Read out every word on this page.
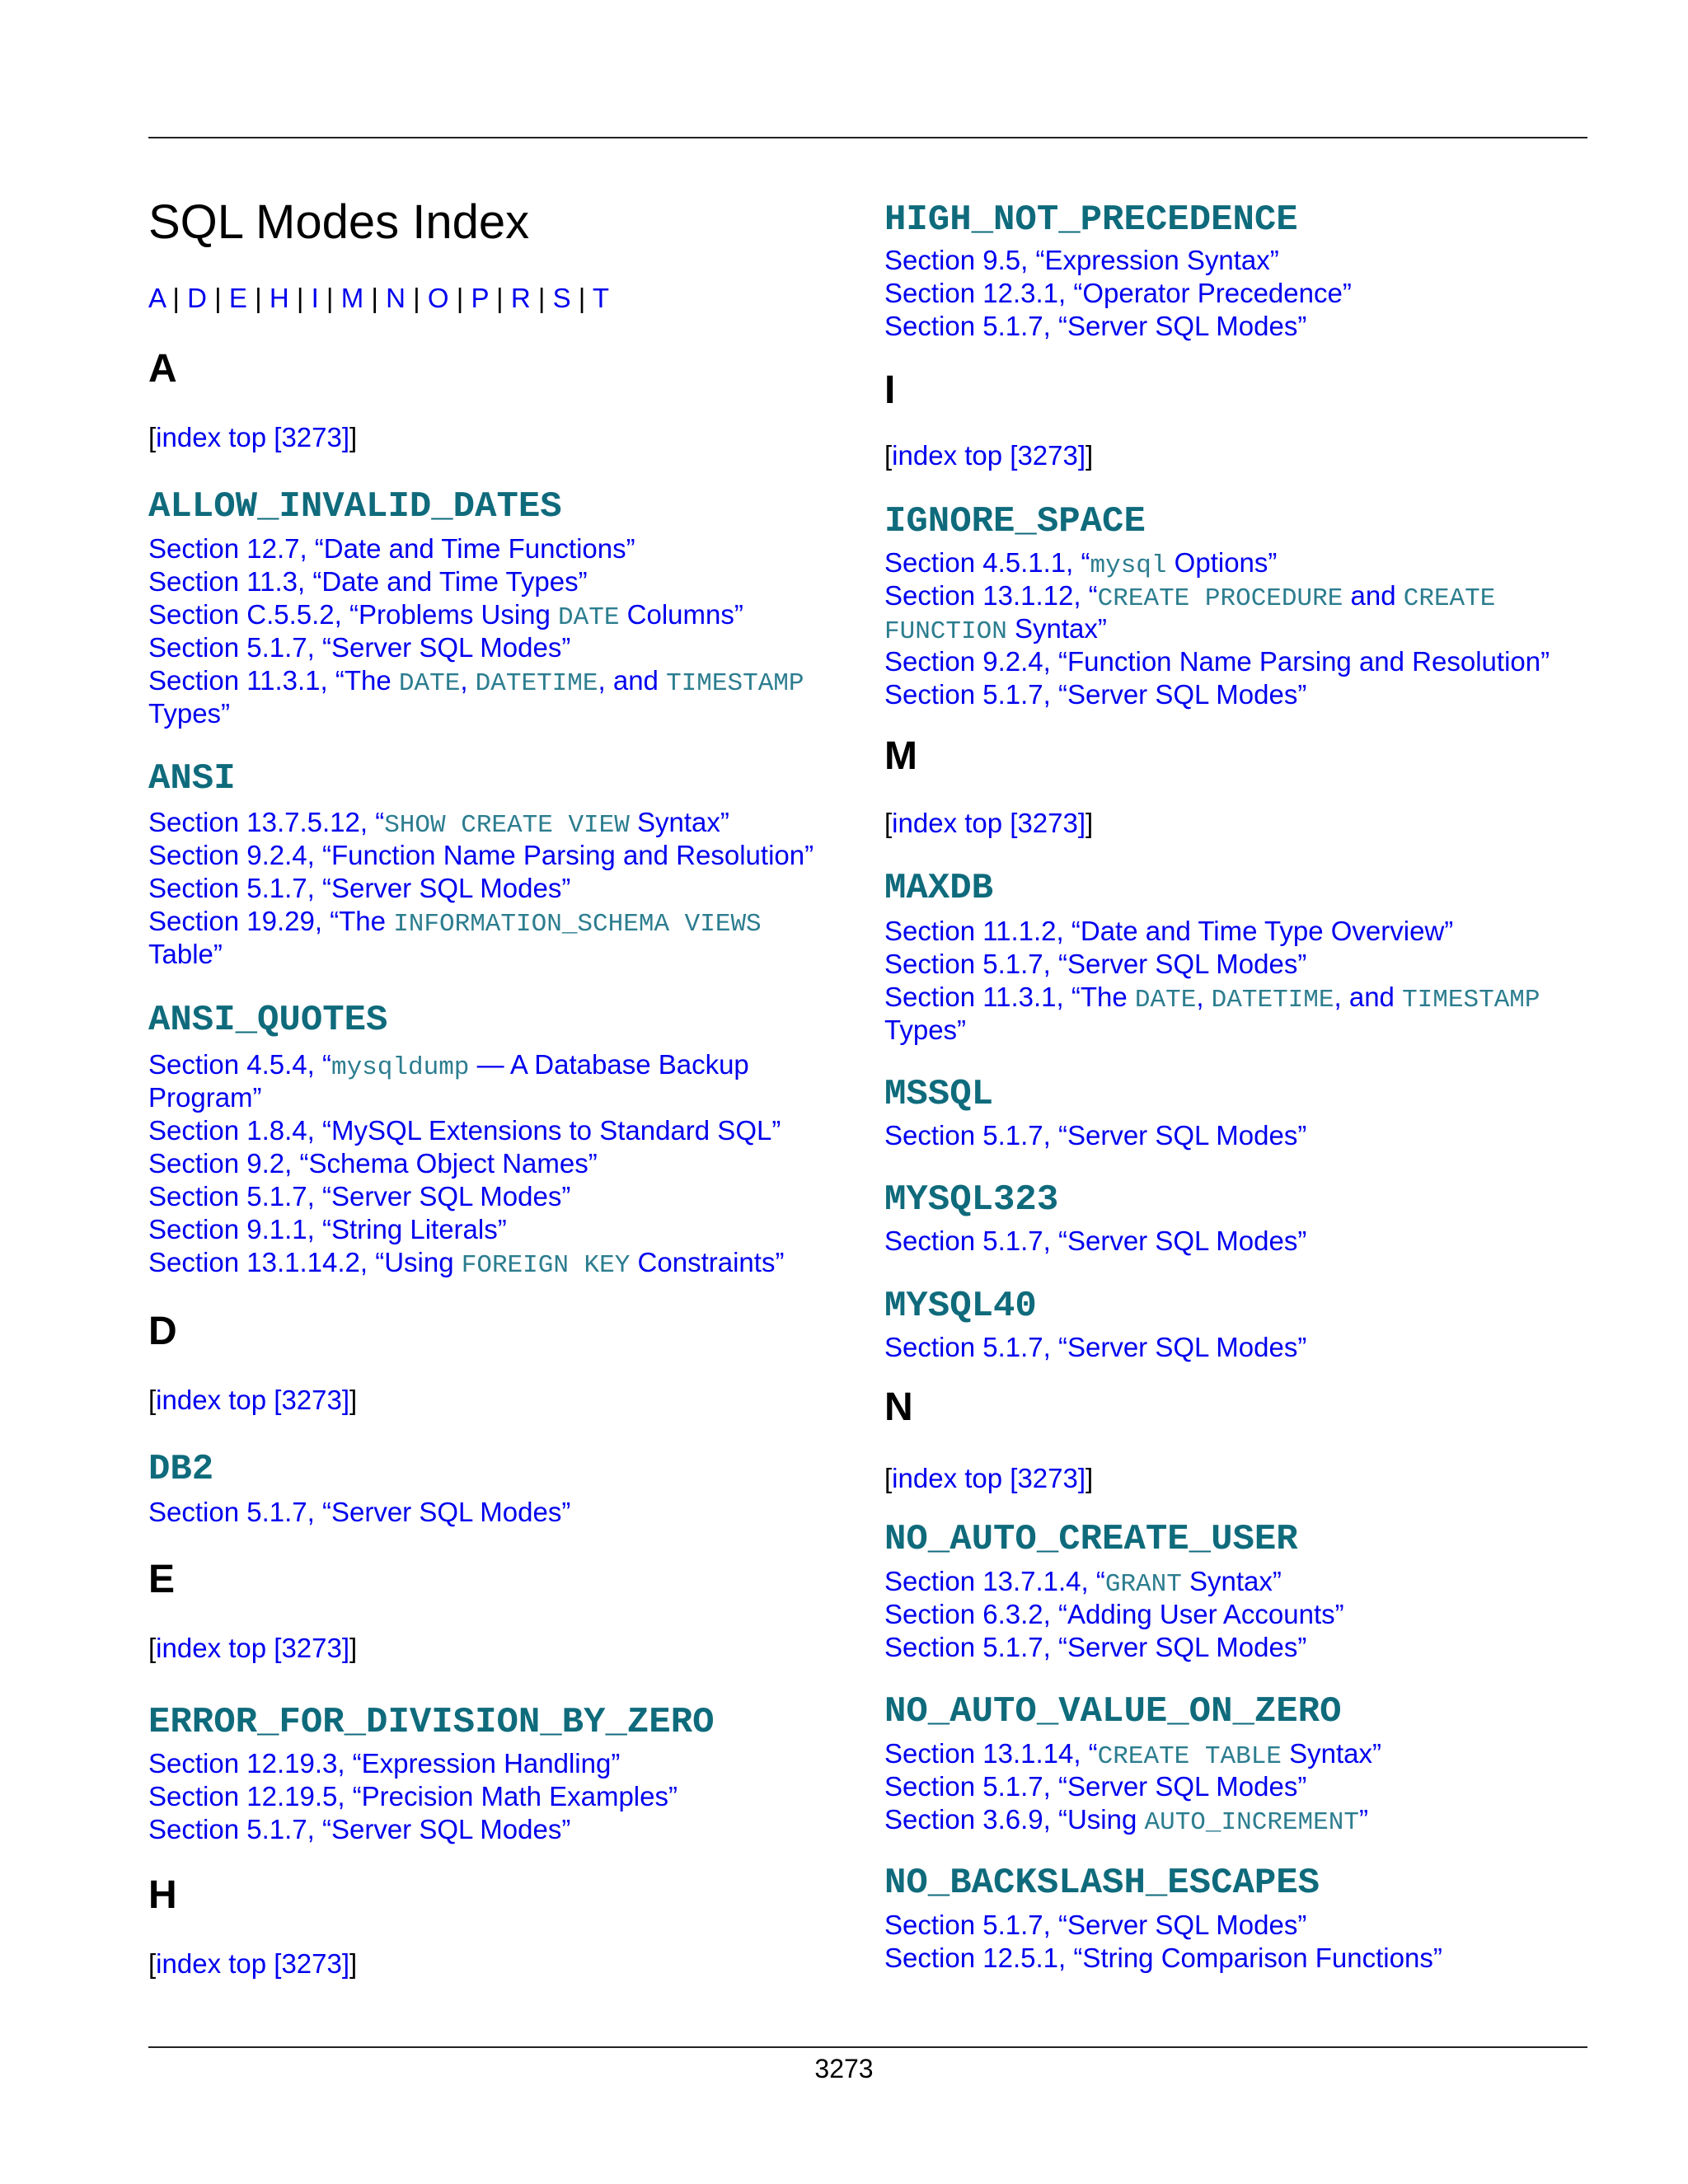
SQL Modes Index
A | D | E | H | I | M | N | O | P | R | S | T
A
[index top [3273]]
ALLOW_INVALID_DATES
Section 12.7, “Date and Time Functions”
Section 11.3, “Date and Time Types”
Section C.5.5.2, “Problems Using DATE Columns”
Section 5.1.7, “Server SQL Modes”
Section 11.3.1, “The DATE, DATETIME, and TIMESTAMP
Types”
ANSI
Section 13.7.5.12, “SHOW CREATE VIEW Syntax”
Section 9.2.4, “Function Name Parsing and Resolution”
Section 5.1.7, “Server SQL Modes”
Section 19.29, “The INFORMATION_SCHEMA VIEWS
Table”
ANSI_QUOTES
Section 4.5.4, “mysqldump — A Database Backup
Program”
Section 1.8.4, “MySQL Extensions to Standard SQL”
Section 9.2, “Schema Object Names”
Section 5.1.7, “Server SQL Modes”
Section 9.1.1, “String Literals”
Section 13.1.14.2, “Using FOREIGN KEY Constraints”
D
[index top [3273]]
DB2
Section 5.1.7, “Server SQL Modes”
E
[index top [3273]]
ERROR_FOR_DIVISION_BY_ZERO
Section 12.19.3, “Expression Handling”
Section 12.19.5, “Precision Math Examples”
Section 5.1.7, “Server SQL Modes”
H
[index top [3273]]
HIGH_NOT_PRECEDENCE
Section 9.5, “Expression Syntax”
Section 12.3.1, “Operator Precedence”
Section 5.1.7, “Server SQL Modes”
I
[index top [3273]]
IGNORE_SPACE
Section 4.5.1.1, “mysql Options”
Section 13.1.12, “CREATE PROCEDURE and CREATE
FUNCTION Syntax”
Section 9.2.4, “Function Name Parsing and Resolution”
Section 5.1.7, “Server SQL Modes”
M
[index top [3273]]
MAXDB
Section 11.1.2, “Date and Time Type Overview”
Section 5.1.7, “Server SQL Modes”
Section 11.3.1, “The DATE, DATETIME, and TIMESTAMP
Types”
MSSQL
Section 5.1.7, “Server SQL Modes”
MYSQL323
Section 5.1.7, “Server SQL Modes”
MYSQL40
Section 5.1.7, “Server SQL Modes”
N
[index top [3273]]
NO_AUTO_CREATE_USER
Section 13.7.1.4, “GRANT Syntax”
Section 6.3.2, “Adding User Accounts”
Section 5.1.7, “Server SQL Modes”
NO_AUTO_VALUE_ON_ZERO
Section 13.1.14, “CREATE TABLE Syntax”
Section 5.1.7, “Server SQL Modes”
Section 3.6.9, “Using AUTO_INCREMENT”
NO_BACKSLASH_ESCAPES
Section 5.1.7, “Server SQL Modes”
Section 12.5.1, “String Comparison Functions”
3273
